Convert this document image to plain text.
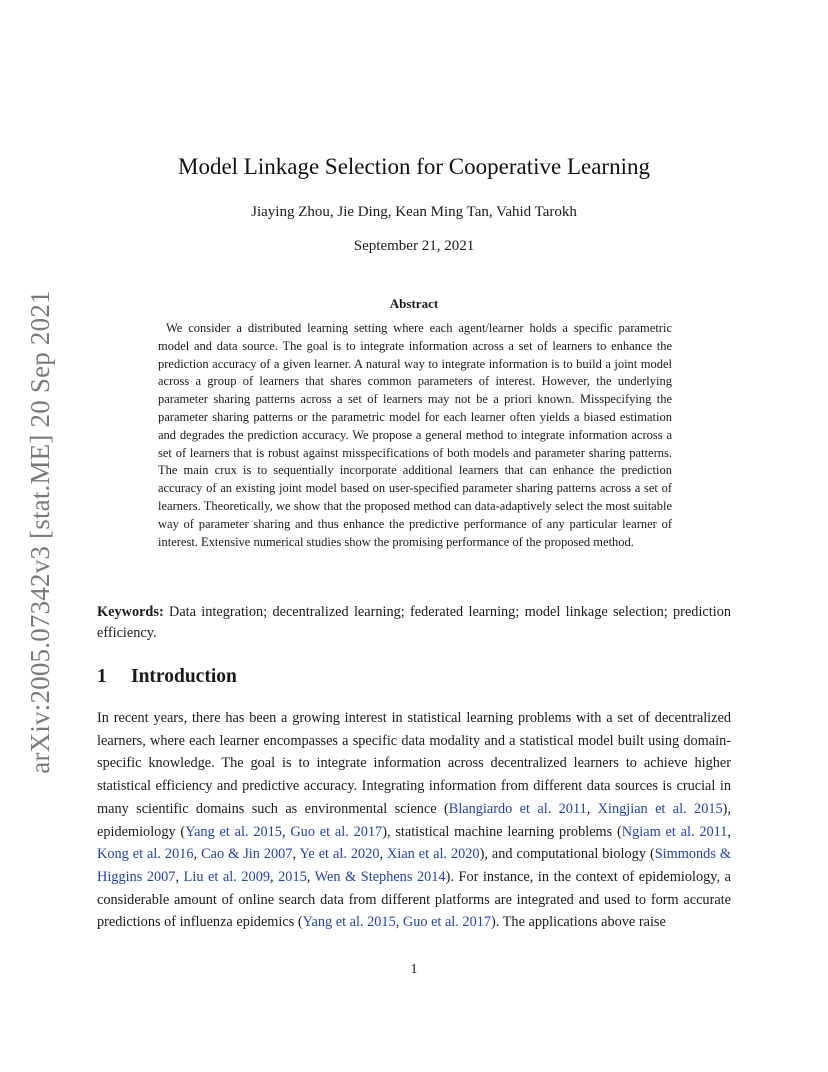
arXiv:2005.07342v3 [stat.ME] 20 Sep 2021
Model Linkage Selection for Cooperative Learning
Jiaying Zhou, Jie Ding, Kean Ming Tan, Vahid Tarokh
September 21, 2021
Abstract

We consider a distributed learning setting where each agent/learner holds a specific parametric model and data source. The goal is to integrate information across a set of learners to enhance the prediction accuracy of a given learner. A natural way to integrate information is to build a joint model across a group of learners that shares common parameters of interest. However, the underlying parameter sharing patterns across a set of learners may not be a priori known. Misspecifying the parameter sharing patterns or the parametric model for each learner often yields a biased estimation and degrades the prediction accuracy. We propose a general method to integrate information across a set of learners that is robust against misspecifications of both models and parameter sharing patterns. The main crux is to sequentially incorporate additional learners that can enhance the prediction accuracy of an existing joint model based on user-specified parameter sharing patterns across a set of learners. Theoretically, we show that the proposed method can data-adaptively select the most suitable way of parameter sharing and thus enhance the predictive performance of any particular learner of interest. Extensive numerical studies show the promising performance of the proposed method.

Keywords: Data integration; decentralized learning; federated learning; model linkage selection; prediction efficiency.

1 Introduction

In recent years, there has been a growing interest in statistical learning problems with a set of decentralized learners, where each learner encompasses a specific data modality and a statistical model built using domain-specific knowledge. The goal is to integrate information across decentralized learners to achieve higher statistical efficiency and predictive accuracy. Integrating information from different data sources is crucial in many scientific domains such as environmental science (Blangiardo et al. 2011, Xingjian et al. 2015), epidemiology (Yang et al. 2015, Guo et al. 2017), statistical machine learning problems (Ngiam et al. 2011, Kong et al. 2016, Cao & Jin 2007, Ye et al. 2020, Xian et al. 2020), and computational biology (Simmonds & Higgins 2007, Liu et al. 2009, 2015, Wen & Stephens 2014). For instance, in the context of epidemiology, a considerable amount of online search data from different platforms are integrated and used to form accurate predictions of influenza epidemics (Yang et al. 2015, Guo et al. 2017). The applications above raise

1
